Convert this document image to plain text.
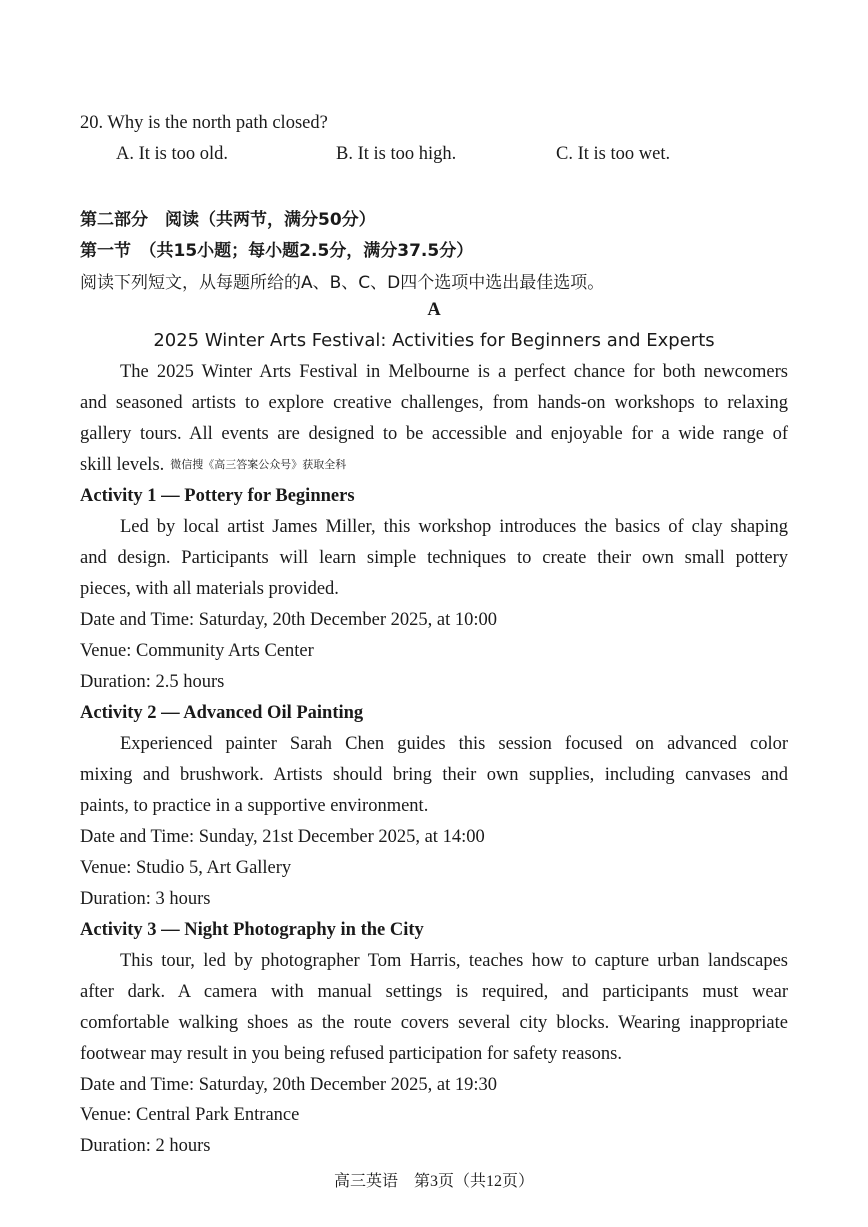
20. Why is the north path closed?
A. It is too old.	B. It is too high.	C. It is too wet.
第二部分　阅读（共两节，满分50分）
第一节　（共15小题；每小题2.5分，满分37.5分）
阅读下列短文，从每题所给的A、B、C、D四个选项中选出最佳选项。
A
2025 Winter Arts Festival: Activities for Beginners and Experts
The 2025 Winter Arts Festival in Melbourne is a perfect chance for both newcomers
and seasoned artists to explore creative challenges, from hands-on workshops to relaxing
gallery tours. All events are designed to be accessible and enjoyable for a wide range of
skill levels. 微信搜《高三答案公众号》获取全科
Activity 1 — Pottery for Beginners
Led by local artist James Miller, this workshop introduces the basics of clay shaping
and design. Participants will learn simple techniques to create their own small pottery
pieces, with all materials provided.
Date and Time: Saturday, 20th December 2025, at 10:00
Venue: Community Arts Center
Duration: 2.5 hours
Activity 2 — Advanced Oil Painting
Experienced painter Sarah Chen guides this session focused on advanced color
mixing and brushwork. Artists should bring their own supplies, including canvases and
paints, to practice in a supportive environment.
Date and Time: Sunday, 21st December 2025, at 14:00
Venue: Studio 5, Art Gallery
Duration: 3 hours
Activity 3 — Night Photography in the City
This tour, led by photographer Tom Harris, teaches how to capture urban landscapes
after dark. A camera with manual settings is required, and participants must wear
comfortable walking shoes as the route covers several city blocks. Wearing inappropriate
footwear may result in you being refused participation for safety reasons.
Date and Time: Saturday, 20th December 2025, at 19:30
Venue: Central Park Entrance
Duration: 2 hours
高三英语　第3页（共12页）
